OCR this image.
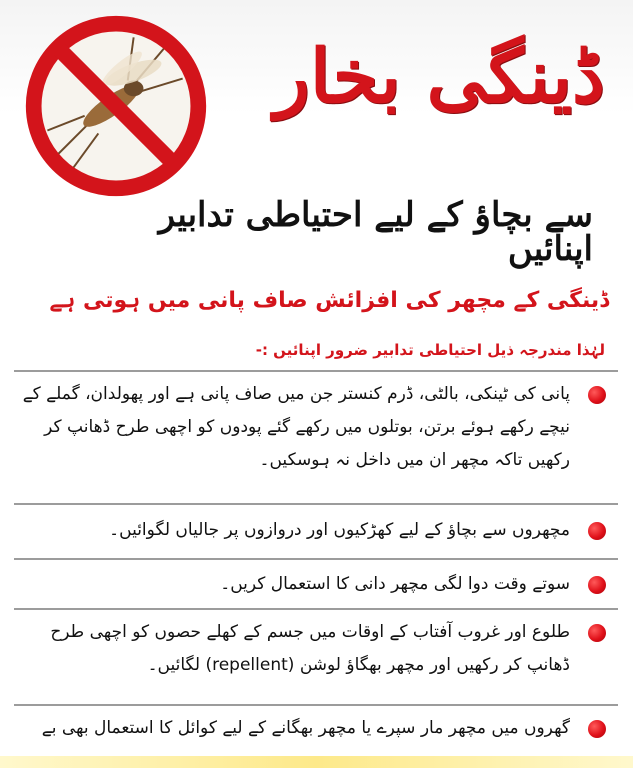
ڈینگی بخار
سے بچاؤ کے لیے احتیاطی تدابیر اپنائیں
ڈینگی کے مچھر کی افزائش صاف پانی میں ہوتی ہے
لہٰذا مندرجہ ذیل احتیاطی تدابیر ضرور اپنائیں :-
پانی کی ٹینکی، بالٹی، ڈرم کنستر جن میں صاف پانی ہے اور پھولدان، گملے کے نیچے رکھے ہوئے برتن، بوتلوں میں رکھے گئے پودوں کو اچھی طرح ڈھانپ کر رکھیں تاکہ مچھر ان میں داخل نہ ہوسکیں۔
مچھروں سے بچاؤ کے لیے کھڑکیوں اور دروازوں پر جالیاں لگوائیں۔
سوتے وقت دوا لگی مچھر دانی کا استعمال کریں۔
طلوع اور غروب آفتاب کے اوقات میں جسم کے کھلے حصوں کو اچھی طرح ڈھانپ کر رکھیں اور مچھر بھگاؤ لوشن (repellent) لگائیں۔
گھروں میں مچھر مار سپرے یا مچھر بھگانے کے لیے کوائل کا استعمال بھی بے
